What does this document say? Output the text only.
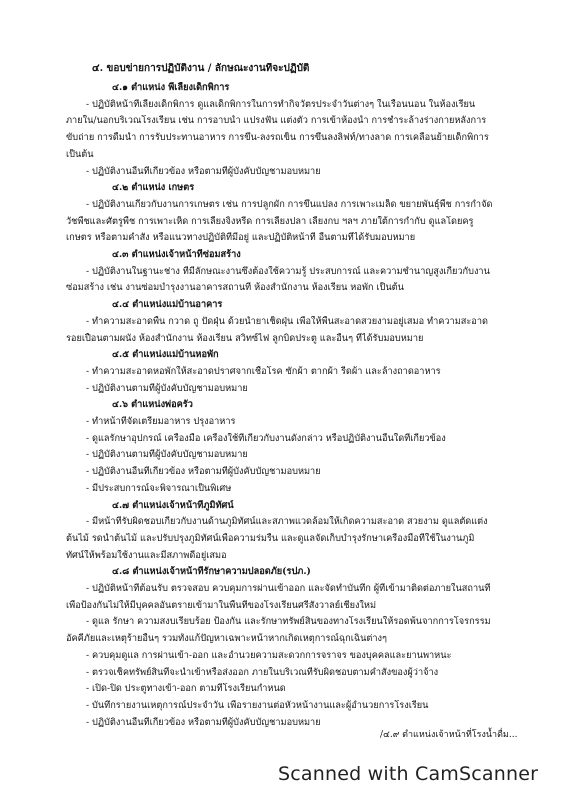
๔. ขอบข่ายการปฏิบัติงาน / ลักษณะงานที่จะปฏิบัติ
๔.๑ ตำแหน่ง พี่เลี้ยงเด็กพิการ
- ปฏิบัติหน้าที่เลี้ยงเด็กพิการ ดูแลเด็กพิการในการทำกิจวัตรประจำวันต่างๆ ในเรือนนอน ในห้องเรียน
ภายใน/นอกบริเวณโรงเรียน เช่น การอาบน้ำ แปรงฟัน แต่งตัว การเข้าห้องน้ำ การชำระล้างร่างกายหลังการ
ขับถ่าย การดื่มน้ำ การรับประทานอาหาร การขึ้น-ลงรถเข็น การขึ้นลงลิฟท์/ทางลาด การเคลื่อนย้ายเด็กพิการ
เป็นต้น
- ปฏิบัติงานอื่นที่เกี่ยวข้อง หรือตามที่ผู้บังคับบัญชามอบหมาย
๔.๒ ตำแหน่ง เกษตร
- ปฏิบัติงานเกี่ยวกับงานการเกษตร เช่น การปลูกผัก การขึ้นแปลง การเพาะเมล็ด ขยายพันธุ์พืช การกำจัด
วัชพืชและศัตรูพืช การเพาะเห็ด การเลี้ยงจิ้งหรีด การเลี้ยงปลา เลี้ยงกบ ฯลฯ ภายใต้การกำกับ ดูแลโดยครู
เกษตร หรือตามคำสั่ง หรือแนวทางปฏิบัติที่มีอยู่ และปฏิบัติหน้าที่ อื่นตามที่ได้รับมอบหมาย
๔.๓ ตำแหน่งเจ้าหน้าที่ซ่อมสร้าง
- ปฏิบัติงานในฐานะช่าง ที่มีลักษณะงานซึ่งต้องใช้ความรู้ ประสบการณ์ และความชำนาญสูงเกี่ยวกับงาน
ซ่อมสร้าง เช่น งานซ่อมบำรุงงานอาคารสถานที่ ห้องสำนักงาน ห้องเรียน หอพัก เป็นต้น
๔.๔ ตำแหน่งแม่บ้านอาคาร
- ทำความสะอาดพื้น กวาด ถู ปัดฝุ่น ด้วยน้ำยาเช็ดฝุ่น เพื่อให้พื้นสะอาดสวยงามอยู่เสมอ ทำความสะอาด
รอยเปื้อนตามผนัง ห้องสำนักงาน ห้องเรียน สวิทซ์ไฟ ลูกบิดประตู และอื่นๆ ที่ได้รับมอบหมาย
๔.๕ ตำแหน่งแม่บ้านหอพัก
- ทำความสะอาดหอพักให้สะอาดปราศจากเชื้อโรค ซักผ้า ตากผ้า รีดผ้า และล้างถาดอาหาร
- ปฏิบัติงานตามที่ผู้บังคับบัญชามอบหมาย
๔.๖ ตำแหน่งพ่อครัว
- ทำหน้าที่จัดเตรียมอาหาร ปรุงอาหาร
- ดูแลรักษาอุปกรณ์ เครื่องมือ เครื่องใช้ที่เกี่ยวกับงานดังกล่าว หรือปฏิบัติงานอื่นใดที่เกี่ยวข้อง
- ปฏิบัติงานตามที่ผู้บังคับบัญชามอบหมาย
- ปฏิบัติงานอื่นที่เกี่ยวข้อง หรือตามที่ผู้บังคับบัญชามอบหมาย
- มีประสบการณ์จะพิจารณาเป็นพิเศษ
๔.๗ ตำแหน่งเจ้าหน้าที่ภูมิทัศน์
- มีหน้าที่รับผิดชอบเกี่ยวกับงานด้านภูมิทัศน์และสภาพแวดล้อมให้เกิดความสะอาด สวยงาม ดูแลตัดแต่ง
ต้นไม้ รดน้ำต้นไม้ และปรับปรุงภูมิทัศน์เพื่อความร่มรื่น และดูแลจัดเก็บบำรุงรักษาเครื่องมือที่ใช้ในงานภูมิ
ทัศน์ให้พร้อมใช้งานและมีสภาพดีอยู่เสมอ
๔.๘ ตำแหน่งเจ้าหน้าที่รักษาความปลอดภัย(รปภ.)
- ปฏิบัติหน้าที่ต้อนรับ ตรวจสอบ ควบคุมการผ่านเข้าออก และจัดทำบันทึก ผู้ที่เข้ามาติดต่อภายในสถานที่
เพื่อป้องกันไม่ให้มีบุคคลอันตรายเข้ามาในพื้นที่ของโรงเรียนศรีสังวาลย์เชียงใหม่
- ดูแล รักษา ความสงบเรียบร้อย ป้องกัน และรักษาทรัพย์สินของทางโรงเรียนให้รอดพ้นจากการโจรกรรม
อัคคีภัยและเหตุร้ายอื่นๆ รวมทั้งแก้ปัญหาเฉพาะหน้าหากเกิดเหตุการณ์ฉุกเฉินต่างๆ
- ควบคุมดูแล การผ่านเข้า-ออก และอำนวยความสะดวกการจราจร ของบุคคลและยานพาหนะ
- ตรวจเช็คทรัพย์สินที่จะนำเข้าหรือส่งออก ภายในบริเวณที่รับผิดชอบตามคำสั่งของผู้ว่าจ้าง
- เปิด-ปิด ประตูทางเข้า-ออก ตามที่โรงเรียนกำหนด
- บันทึกรายงานเหตุการณ์ประจำวัน เพื่อรายงานต่อหัวหน้างานและผู้อำนวยการโรงเรียน
- ปฏิบัติงานอื่นที่เกี่ยวข้อง หรือตามที่ผู้บังคับบัญชามอบหมาย
/๔.๙ ตำแหน่งเจ้าหน้าที่โรงน้ำดื่ม...
Scanned with CamScanner
